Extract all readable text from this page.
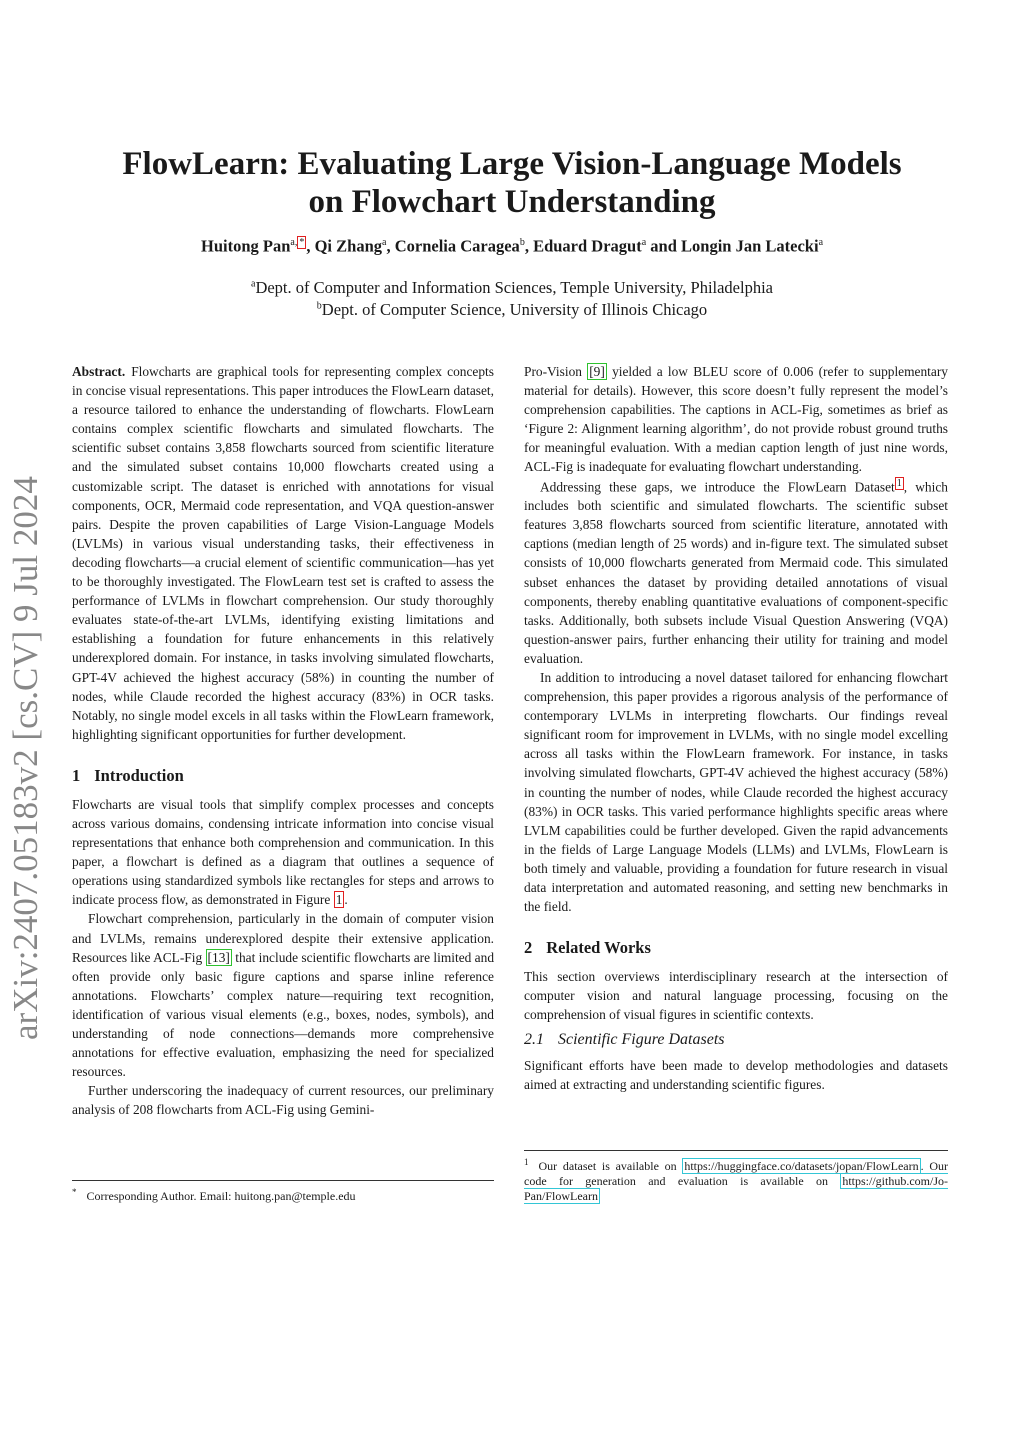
FlowLearn: Evaluating Large Vision-Language Models
on Flowchart Understanding
Huitong Pan$^{a,}$ * , Qi Zhang$^a$, Cornelia Caragea$^b$, Eduard Dragut$^a$ and Longin Jan Latecki$^a$
$^a$Dept. of Computer and Information Sciences, Temple University, Philadelphia
$^b$Dept. of Computer Science, University of Illinois Chicago
arXiv:2407.05183v2 [cs.CV] 9 Jul 2024

Abstract. Flowcharts are graphical tools for representing complex concepts in concise visual representations. This paper introduces the FlowLearn dataset, a resource tailored to enhance the understanding of flowcharts. FlowLearn contains complex scientific flowcharts and simulated flowcharts. The scientific subset contains 3,858 flowcharts sourced from scientific literature and the simulated subset contains 10,000 flowcharts created using a customizable script. The dataset is enriched with annotations for visual components, OCR, Mermaid code representation, and VQA question-answer pairs. Despite the proven capabilities of Large Vision-Language Models (LVLMs) in various visual understanding tasks, their effectiveness in decoding flowcharts—a crucial element of scientific communication—has yet to be thoroughly investigated. The FlowLearn test set is crafted to assess the performance of LVLMs in flowchart comprehension. Our study thoroughly evaluates state-of-the-art LVLMs, identifying existing limitations and establishing a foundation for future enhancements in this relatively underexplored domain. For instance, in tasks involving simulated flowcharts, GPT-4V achieved the highest accuracy (58%) in counting the number of nodes, while Claude recorded the highest accuracy (83%) in OCR tasks. Notably, no single model excels in all tasks within the FlowLearn framework, highlighting significant opportunities for further development.

1 Introduction

Flowcharts are visual tools that simplify complex processes and concepts across various domains, condensing intricate information into concise visual representations that enhance both comprehension and communication. In this paper, a flowchart is defined as a diagram that outlines a sequence of operations using standardized symbols like rectangles for steps and arrows to indicate process flow, as demonstrated in Figure 1 .

Flowchart comprehension, particularly in the domain of computer vision and LVLMs, remains underexplored despite their extensive application. Resources like ACL-Fig [13] that include scientific flowcharts are limited and often provide only basic figure captions and sparse inline reference annotations. Flowcharts’ complex nature—requiring text recognition, identification of various visual elements (e.g., boxes, nodes, symbols), and understanding of node connections—demands more comprehensive annotations for effective evaluation, emphasizing the need for specialized resources.

Further underscoring the inadequacy of current resources, our preliminary analysis of 208 flowcharts from ACL-Fig using Gemini-

* Corresponding Author. Email: huitong.pan@temple.edu

Pro-Vision [9] yielded a low BLEU score of 0.006 (refer to supplementary material for details). However, this score doesn’t fully represent the model’s comprehension capabilities. The captions in ACL-Fig, sometimes as brief as ‘Figure 2: Alignment learning algorithm’, do not provide robust ground truths for meaningful evaluation. With a median caption length of just nine words, ACL-Fig is inadequate for evaluating flowchart understanding.

Addressing these gaps, we introduce the FlowLearn Dataset $^1$ , which includes both scientific and simulated flowcharts. The scientific subset features 3,858 flowcharts sourced from scientific literature, annotated with captions (median length of 25 words) and in-figure text. The simulated subset consists of 10,000 flowcharts generated from Mermaid code. This simulated subset enhances the dataset by providing detailed annotations of visual components, thereby enabling quantitative evaluations of component-specific tasks. Additionally, both subsets include Visual Question Answering (VQA) question-answer pairs, further enhancing their utility for training and model evaluation.

In addition to introducing a novel dataset tailored for enhancing flowchart comprehension, this paper provides a rigorous analysis of the performance of contemporary LVLMs in interpreting flowcharts. Our findings reveal significant room for improvement in LVLMs, with no single model excelling across all tasks within the FlowLearn framework. For instance, in tasks involving simulated flowcharts, GPT-4V achieved the highest accuracy (58%) in counting the number of nodes, while Claude recorded the highest accuracy (83%) in OCR tasks. This varied performance highlights specific areas where LVLM capabilities could be further developed. Given the rapid advancements in the fields of Large Language Models (LLMs) and LVLMs, FlowLearn is both timely and valuable, providing a foundation for future research in visual data interpretation and automated reasoning, and setting new benchmarks in the field.

2 Related Works

This section overviews interdisciplinary research at the intersection of computer vision and natural language processing, focusing on the comprehension of visual figures in scientific contexts.

2.1 Scientific Figure Datasets

Significant efforts have been made to develop methodologies and datasets aimed at extracting and understanding scientific figures.

$^1$ Our dataset is available on https://huggingface.co/datasets/jopan/FlowLearn . Our code for generation and evaluation is available on https://github.com/Jo-Pan/FlowLearn
